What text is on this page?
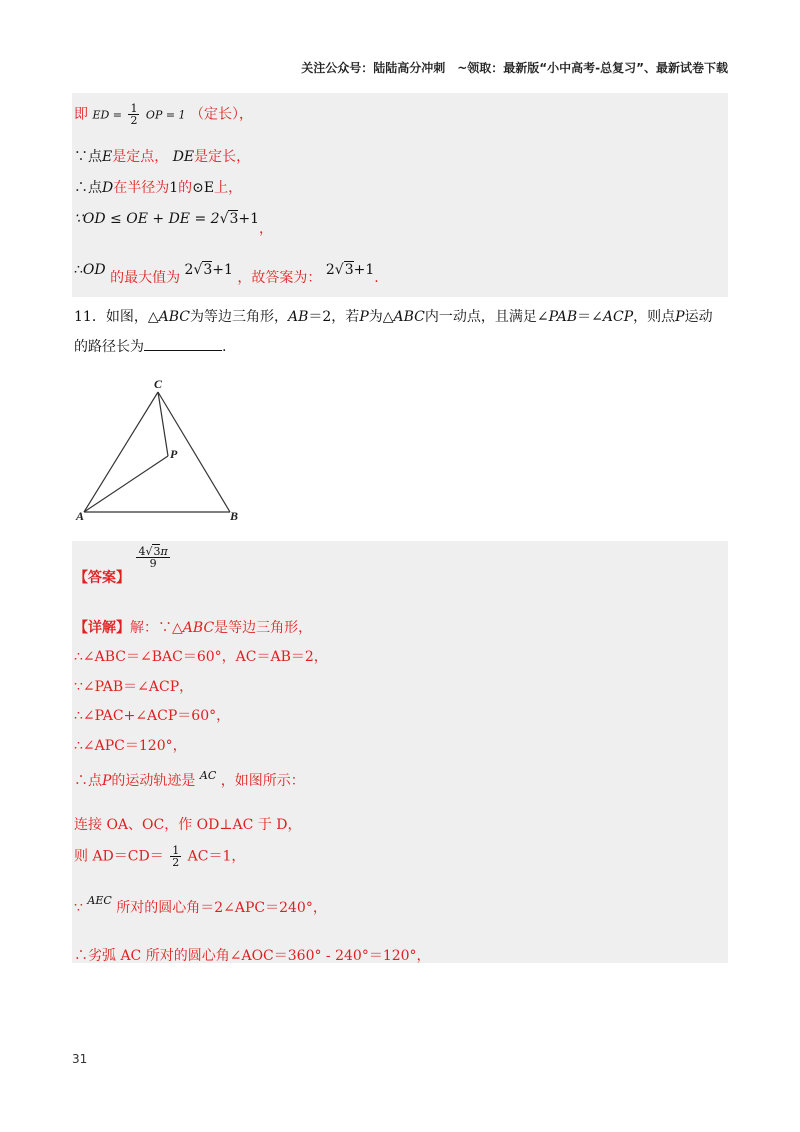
关注公众号：陆陆高分冲刺　~领取：最新版“小中高考-总复习”、最新试卷下载
即 ED = $\frac{1}{2}$ OP = 1 （定长），
∵点E是定点， DE是定长，
∴点D在半径为1的⊙E上，
∵OD ≤ OE + DE = 2√3+1，
∴OD 的最大值为 2√3+1 ，故答案为： 2√3+1.
11．如图，△ABC为等边三角形，AB＝2，若P为△ABC内一动点，且满足∠PAB＝∠ACP，则点P运动
的路径长为	.
A	B
C
P
【答案】
$\frac{4√3\pi}{9}$
【详解】解：∵△ABC是等边三角形，
∴∠ABC＝∠BAC＝60°，AC＝AB＝2，
∵∠PAB＝∠ACP，
∴∠PAC+∠ACP＝60°，
∴∠APC＝120°，
∴点P的运动轨迹是 $^{AC}$ ，如图所示：
连接 OA、OC，作 OD⊥AC 于 D，
则 $AD=CD= \frac{1}{2} AC=1$，
∵ $^{AEC}$ 所对的圆心角＝2∠APC＝240°，
∴劣弧 AC 所对的圆心角∠AOC＝360° - 240°＝120°，
31
